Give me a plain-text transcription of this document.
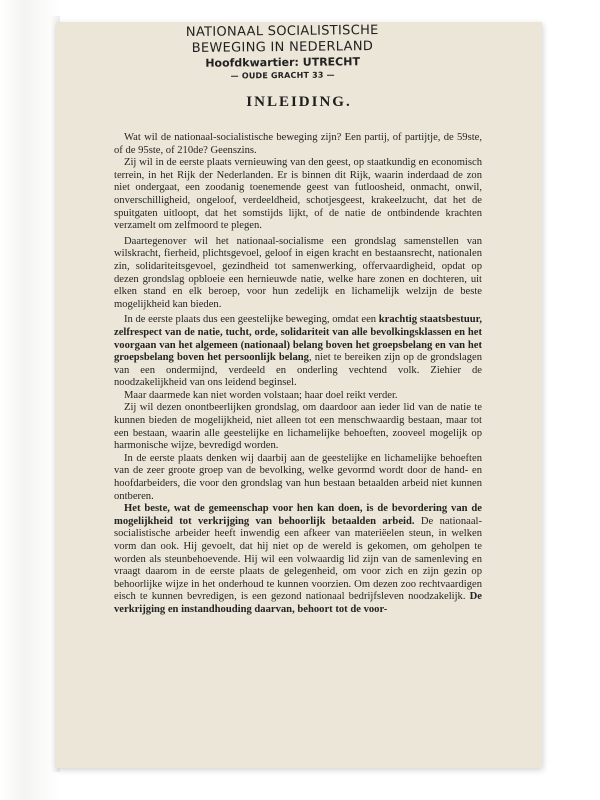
NATIONAAL SOCIALISTISCHE
BEWEGING IN NEDERLAND
Hoofdkwartier: UTRECHT
— OUDE GRACHT 33 —
INLEIDING.

Wat wil de nationaal-socialistische beweging zijn? Een partij, of partijtje, de 59ste, of de 95ste, of 210de? Geenszins.

Zij wil in de eerste plaats vernieuwing van den geest, op staatkundig en economisch terrein, in het Rijk der Nederlanden. Er is binnen dit Rijk, waarin inderdaad de zon niet ondergaat, een zoodanig toenemende geest van futloosheid, onmacht, onwil, onverschilligheid, ongeloof, verdeeldheid, schotjesgeest, krakeelzucht, dat het de spuitgaten uitloopt, dat het somstijds lijkt, of de natie de ontbindende krachten verzamelt om zelfmoord te plegen.

Daartegenover wil het nationaal-socialisme een grondslag samenstellen van wilskracht, fierheid, plichtsgevoel, geloof in eigen kracht en bestaansrecht, nationalen zin, solidariteitsgevoel, gezindheid tot samenwerking, offervaardigheid, opdat op dezen grondslag opbloeie een hernieuwde natie, welke hare zonen en dochteren, uit elken stand en elk beroep, voor hun zedelijk en lichamelijk welzijn de beste mogelijkheid kan bieden.

In de eerste plaats dus een geestelijke beweging, omdat een krachtig staatsbestuur, zelfrespect van de natie, tucht, orde, solidariteit van alle bevolkingsklassen en het voorgaan van het algemeen (nationaal) belang boven het groepsbelang en van het groepsbelang boven het persoonlijk belang, niet te bereiken zijn op de grondslagen van een ondermijnd, verdeeld en onderling vechtend volk. Ziehier de noodzakelijkheid van ons leidend beginsel.

Maar daarmede kan niet worden volstaan; haar doel reikt verder.

Zij wil dezen onontbeerlijken grondslag, om daardoor aan ieder lid van de natie te kunnen bieden de mogelijkheid, niet alleen tot een menschwaardig bestaan, maar tot een bestaan, waarin alle geestelijke en lichamelijke behoeften, zooveel mogelijk op harmonische wijze, bevredigd worden.

In de eerste plaats denken wij daarbij aan de geestelijke en lichamelijke behoeften van de zeer groote groep van de bevolking, welke gevormd wordt door de hand- en hoofdarbeiders, die voor den grondslag van hun bestaan betaalden arbeid niet kunnen ontberen.

Het beste, wat de gemeenschap voor hen kan doen, is de bevordering van de mogelijkheid tot verkrijging van behoorlijk betaalden arbeid. De nationaal-socialistische arbeider heeft inwendig een afkeer van materiëelen steun, in welken vorm dan ook. Hij gevoelt, dat hij niet op de wereld is gekomen, om geholpen te worden als steunbehoevende. Hij wil een volwaardig lid zijn van de samenleving en vraagt daarom in de eerste plaats de gelegenheid, om voor zich en zijn gezin op behoorlijke wijze in het onderhoud te kunnen voorzien. Om dezen zoo rechtvaardigen eisch te kunnen bevredigen, is een gezond nationaal bedrijfsleven noodzakelijk. De verkrijging en instandhouding daarvan, behoort tot de voor-
